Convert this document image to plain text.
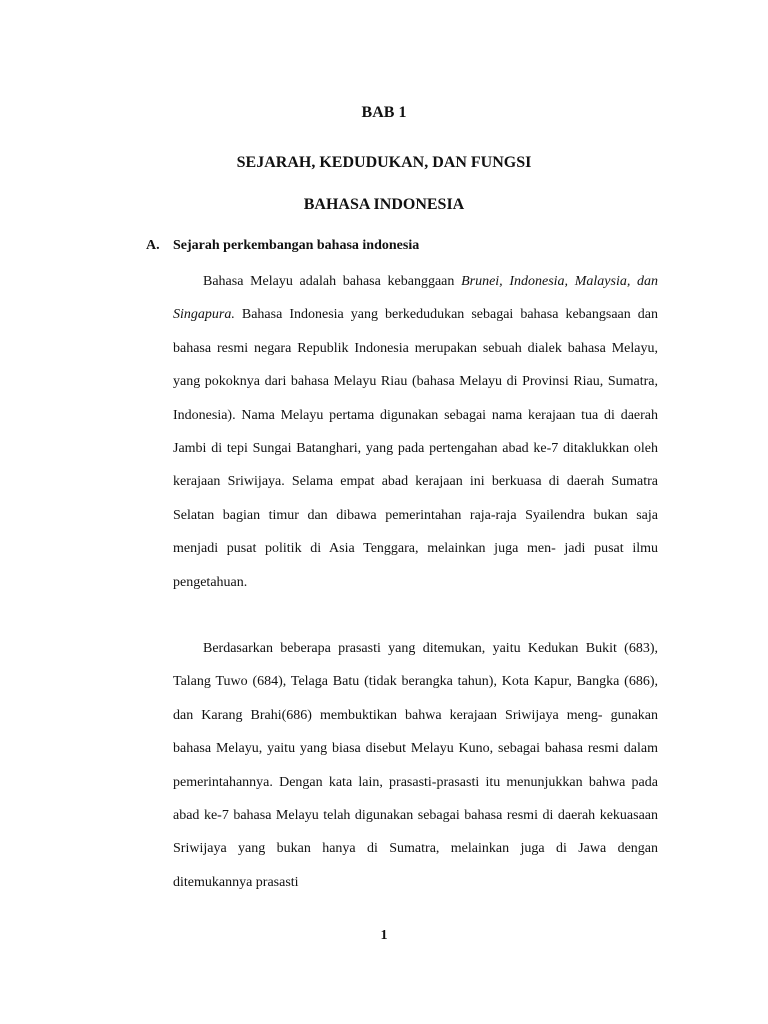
BAB 1
SEJARAH, KEDUDUKAN, DAN FUNGSI
BAHASA INDONESIA
A. Sejarah perkembangan bahasa indonesia

Bahasa Melayu adalah bahasa kebanggaan Brunei, Indonesia, Malaysia, dan Singapura. Bahasa Indonesia yang berkedudukan sebagai bahasa kebangsaan dan bahasa resmi negara Republik Indonesia merupakan sebuah dialek bahasa Melayu, yang pokoknya dari bahasa Melayu Riau (bahasa Melayu di Provinsi Riau, Sumatra, Indonesia). Nama Melayu pertama digunakan sebagai nama kerajaan tua di daerah Jambi di tepi Sungai Batanghari, yang pada pertengahan abad ke-7 ditaklukkan oleh kerajaan Sriwijaya. Selama empat abad kerajaan ini berkuasa di daerah Sumatra Selatan bagian timur dan dibawa pemerintahan raja-raja Syailendra bukan saja menjadi pusat politik di Asia Tenggara, melainkan juga men- jadi pusat ilmu pengetahuan.

Berdasarkan beberapa prasasti yang ditemukan, yaitu Kedukan Bukit (683), Talang Tuwo (684), Telaga Batu (tidak berangka tahun), Kota Kapur, Bangka (686), dan Karang Brahi(686) membuktikan bahwa kerajaan Sriwijaya meng- gunakan bahasa Melayu, yaitu yang biasa disebut Melayu Kuno, sebagai bahasa resmi dalam pemerintahannya. Dengan kata lain, prasasti-prasasti itu menunjukkan bahwa pada abad ke-7 bahasa Melayu telah digunakan sebagai bahasa resmi di daerah kekuasaan Sriwijaya yang bukan hanya di Sumatra, melainkan juga di Jawa dengan ditemukannya prasasti

1
